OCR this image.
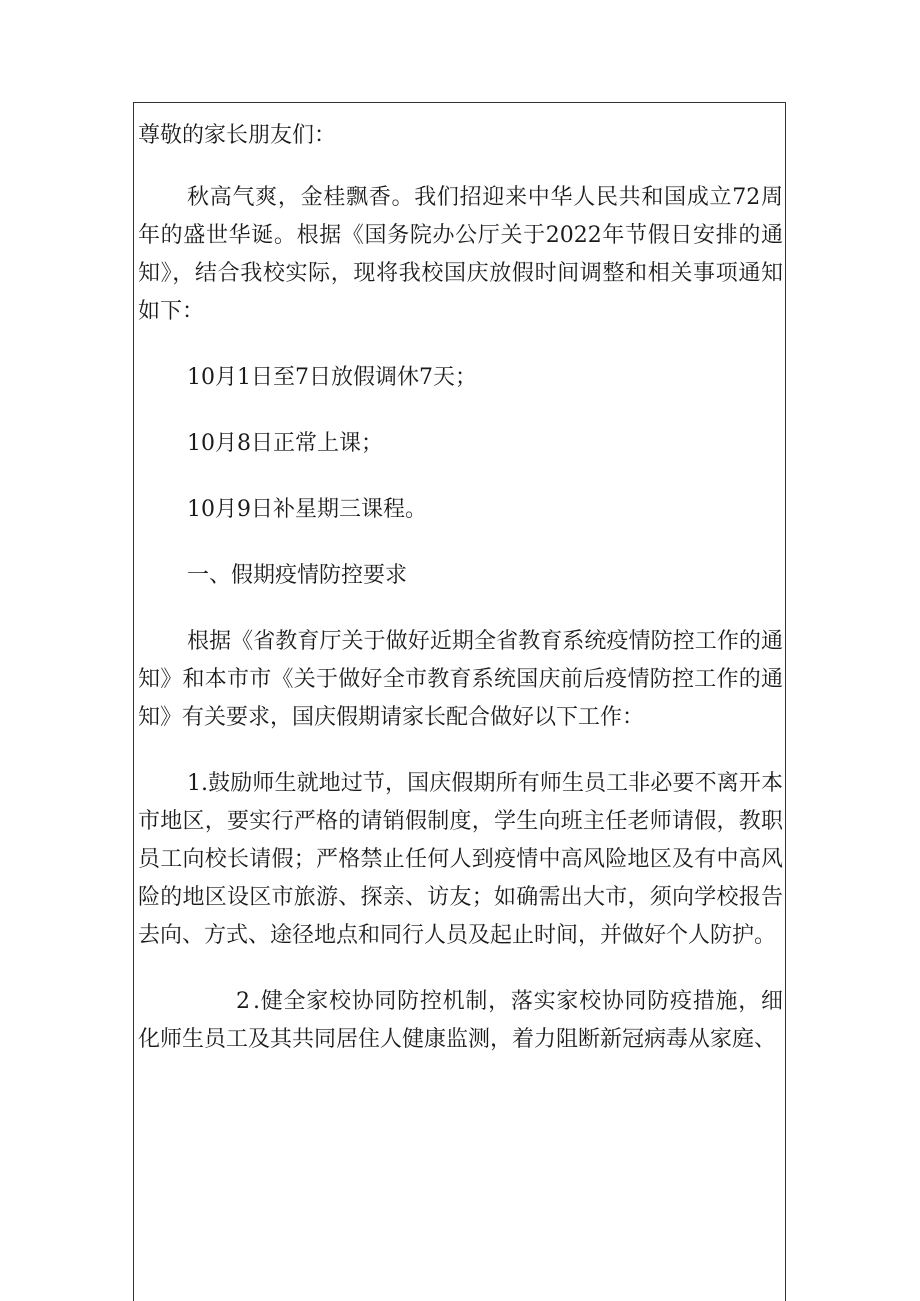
尊敬的家长朋友们：

秋高气爽，金桂飘香。我们招迎来中华人民共和国成立72周年的盛世华诞。根据《国务院办公厅关于2022年节假日安排的通知》，结合我校实际，现将我校国庆放假时间调整和相关事项通知如下：

10月1日至7日放假调休7天；

10月8日正常上课；

10月9日补星期三课程。

一、假期疫情防控要求

根据《省教育厅关于做好近期全省教育系统疫情防控工作的通知》和本市市《关于做好全市教育系统国庆前后疫情防控工作的通知》有关要求，国庆假期请家长配合做好以下工作：

1.鼓励师生就地过节，国庆假期所有师生员工非必要不离开本市地区，要实行严格的请销假制度，学生向班主任老师请假，教职员工向校长请假；严格禁止任何人到疫情中高风险地区及有中高风险的地区设区市旅游、探亲、访友；如确需出大市，须向学校报告去向、方式、途径地点和同行人员及起止时间，并做好个人防护。

2 .健全家校协同防控机制，落实家校协同防疫措施，细化师生员工及其共同居住人健康监测，着力阻断新冠病毒从家庭、
